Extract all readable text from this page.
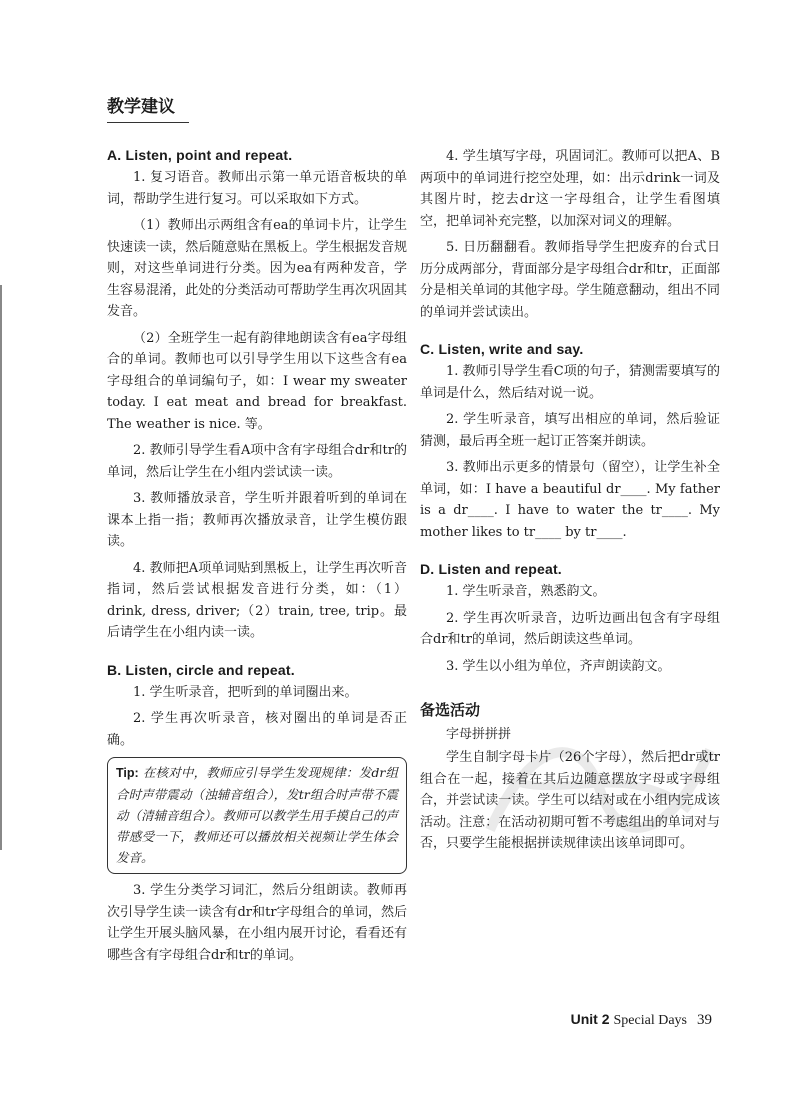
教学建议
A. Listen, point and repeat.

1. 复习语音。教师出示第一单元语音板块的单词，帮助学生进行复习。可以采取如下方式。

（1）教师出示两组含有ea的单词卡片，让学生快速读一读，然后随意贴在黑板上。学生根据发音规则，对这些单词进行分类。因为ea有两种发音，学生容易混淆，此处的分类活动可帮助学生再次巩固其发音。

（2）全班学生一起有韵律地朗读含有ea字母组合的单词。教师也可以引导学生用以下这些含有ea字母组合的单词编句子，如：I wear my sweater today. I eat meat and bread for breakfast. The weather is nice. 等。

2. 教师引导学生看A项中含有字母组合dr和tr的单词，然后让学生在小组内尝试读一读。

3. 教师播放录音，学生听并跟着听到的单词在课本上指一指；教师再次播放录音，让学生模仿跟读。

4. 教师把A项单词贴到黑板上，让学生再次听音指词，然后尝试根据发音进行分类，如：（1）drink, dress, driver;（2）train, tree, trip。最后请学生在小组内读一读。

B. Listen, circle and repeat.

1. 学生听录音，把听到的单词圈出来。

2. 学生再次听录音，核对圈出的单词是否正确。

Tip: 在核对中，教师应引导学生发现规律：发dr组合时声带震动（浊辅音组合），发tr组合时声带不震动（清辅音组合）。教师可以教学生用手摸自己的声带感受一下，教师还可以播放相关视频让学生体会发音。

3. 学生分类学习词汇，然后分组朗读。教师再次引导学生读一读含有dr和tr字母组合的单词，然后让学生开展头脑风暴，在小组内展开讨论，看看还有哪些含有字母组合dr和tr的单词。

4. 学生填写字母，巩固词汇。教师可以把A、B两项中的单词进行挖空处理，如：出示drink一词及其图片时，挖去dr这一字母组合，让学生看图填空，把单词补充完整，以加深对词义的理解。

5. 日历翻翻看。教师指导学生把废弃的台式日历分成两部分，背面部分是字母组合dr和tr，正面部分是相关单词的其他字母。学生随意翻动，组出不同的单词并尝试读出。

C. Listen, write and say.

1. 教师引导学生看C项的句子，猜测需要填写的单词是什么，然后结对说一说。

2. 学生听录音，填写出相应的单词，然后验证猜测，最后再全班一起订正答案并朗读。

3. 教师出示更多的情景句（留空），让学生补全单词，如：I have a beautiful dr____. My father is a dr____. I have to water the tr____. My mother likes to tr____ by tr____.

D. Listen and repeat.

1. 学生听录音，熟悉韵文。

2. 学生再次听录音，边听边画出包含有字母组合dr和tr的单词，然后朗读这些单词。

3. 学生以小组为单位，齐声朗读韵文。

备选活动
字母拼拼拼

学生自制字母卡片（26个字母），然后把dr或tr组合在一起，接着在其后边随意摆放字母或字母组合，并尝试读一读。学生可以结对或在小组内完成该活动。注意：在活动初期可暂不考虑组出的单词对与否，只要学生能根据拼读规律读出该单词即可。

Unit 2 Special Days 39
